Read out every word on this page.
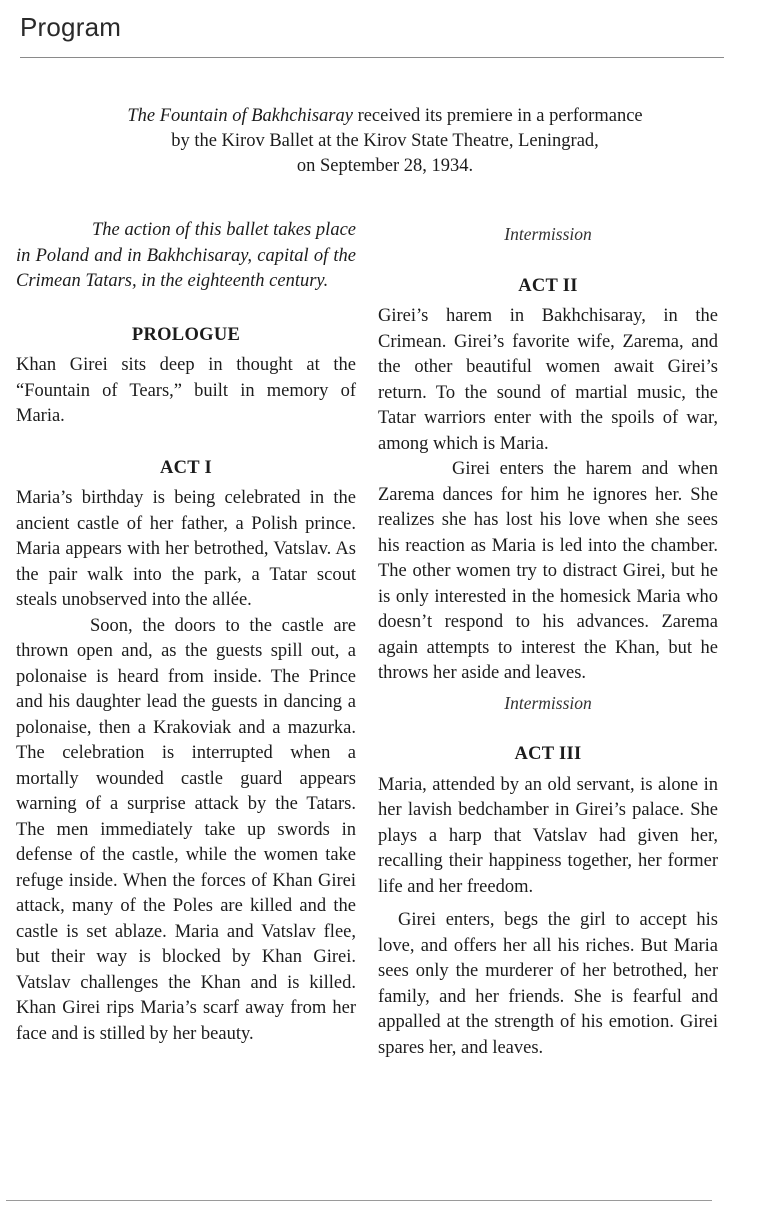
Program
The Fountain of Bakhchisaray received its premiere in a performance
by the Kirov Ballet at the Kirov State Theatre, Leningrad,
on September 28, 1934.

The action of this ballet takes place in Poland and in Bakhchisaray, capital of the Crimean Tatars, in the eighteenth century.

PROLOGUE

Khan Girei sits deep in thought at the “Fountain of Tears,” built in memory of Maria.

ACT I

Maria’s birthday is being celebrated in the ancient castle of her father, a Polish prince. Maria appears with her betrothed, Vatslav. As the pair walk into the park, a Tatar scout steals unobserved into the allée.

Soon, the doors to the castle are thrown open and, as the guests spill out, a polonaise is heard from inside. The Prince and his daughter lead the guests in dancing a polonaise, then a Krakoviak and a mazurka. The celebration is interrupted when a mortally wounded castle guard appears warning of a surprise attack by the Tatars. The men immediately take up swords in defense of the castle, while the women take refuge inside. When the forces of Khan Girei attack, many of the Poles are killed and the castle is set ablaze. Maria and Vatslav flee, but their way is blocked by Khan Girei. Vatslav challenges the Khan and is killed. Khan Girei rips Maria’s scarf away from her face and is stilled by her beauty.

Intermission
ACT II

Girei’s harem in Bakhchisaray, in the Crimean. Girei’s favorite wife, Zarema, and the other beautiful women await Girei’s return. To the sound of martial music, the Tatar warriors enter with the spoils of war, among which is Maria.

Girei enters the harem and when Zarema dances for him he ignores her. She realizes she has lost his love when she sees his reaction as Maria is led into the chamber. The other women try to distract Girei, but he is only interested in the homesick Maria who doesn’t respond to his advances. Zarema again attempts to interest the Khan, but he throws her aside and leaves.

Intermission
ACT III

Maria, attended by an old servant, is alone in her lavish bedchamber in Girei’s palace. She plays a harp that Vatslav had given her, recalling their happiness together, her former life and her freedom.

Girei enters, begs the girl to accept his love, and offers her all his riches. But Maria sees only the murderer of her betrothed, her family, and her friends. She is fearful and appalled at the strength of his emotion. Girei spares her, and leaves.
